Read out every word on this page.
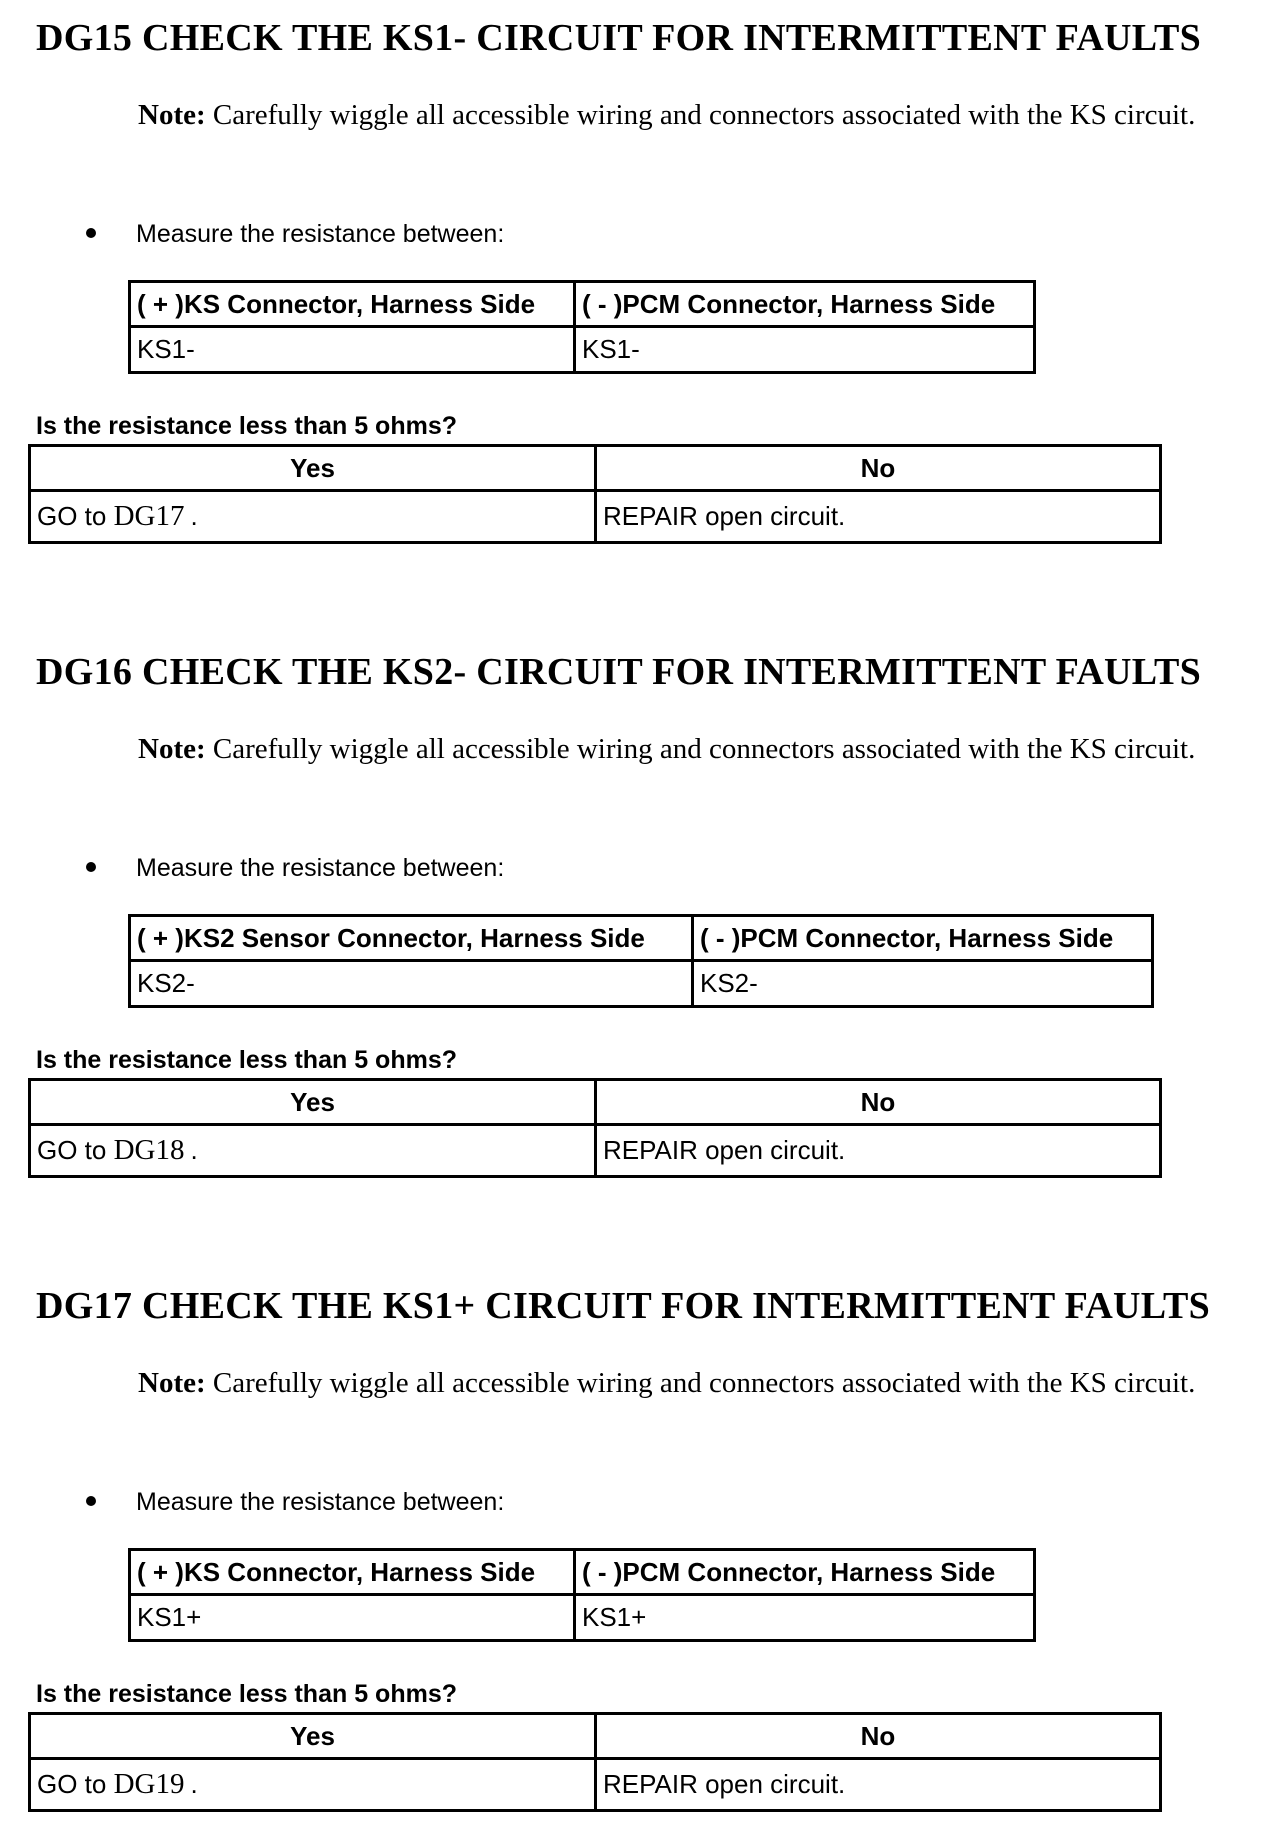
DG15 CHECK THE KS1- CIRCUIT FOR INTERMITTENT FAULTS

Note: Carefully wiggle all accessible wiring and connectors associated with the KS circuit.

Measure the resistance between:
( + )KS Connector, Harness Side	( - )PCM Connector, Harness Side
KS1-	KS1-

Is the resistance less than 5 ohms?

Yes	No
GO to DG17 .	REPAIR open circuit.
DG16 CHECK THE KS2- CIRCUIT FOR INTERMITTENT FAULTS

Note: Carefully wiggle all accessible wiring and connectors associated with the KS circuit.

Measure the resistance between:
( + )KS2 Sensor Connector, Harness Side	( - )PCM Connector, Harness Side
KS2-	KS2-

Is the resistance less than 5 ohms?

Yes	No
GO to DG18 .	REPAIR open circuit.
DG17 CHECK THE KS1+ CIRCUIT FOR INTERMITTENT FAULTS

Note: Carefully wiggle all accessible wiring and connectors associated with the KS circuit.

Measure the resistance between:
( + )KS Connector, Harness Side	( - )PCM Connector, Harness Side
KS1+	KS1+

Is the resistance less than 5 ohms?

Yes	No
GO to DG19 .	REPAIR open circuit.
